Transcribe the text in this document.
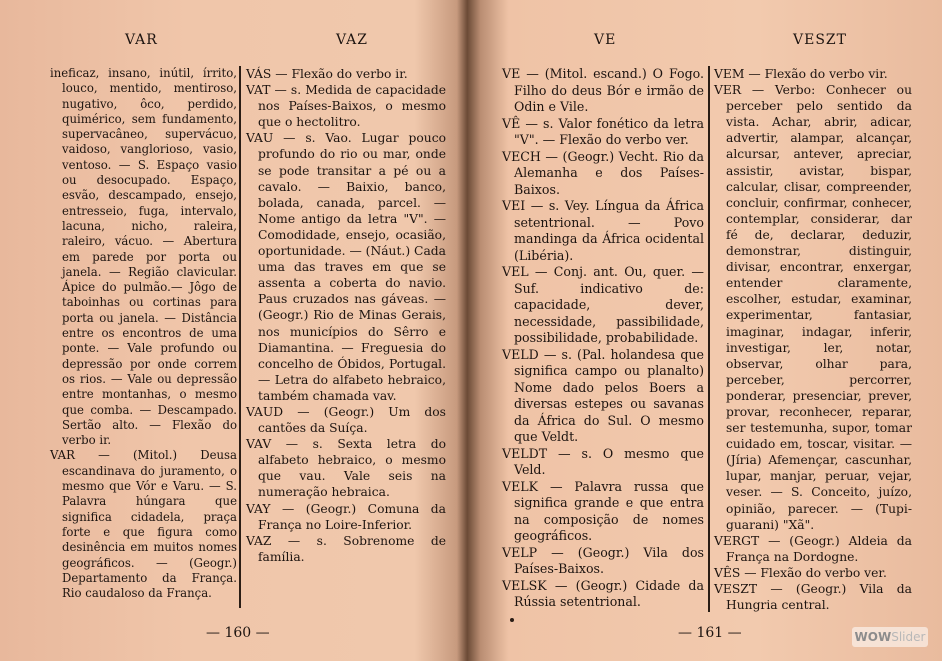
VAR	VAZ

ineficaz, insano, inútil, írrito, louco, mentido, mentiroso, nugativo, ôco, perdido, quimérico, sem fundamento, supervacâneo, supervácuo, vaidoso, vanglorioso, vasio, ventoso. — S. Espaço vasio ou desocupado. Espaço, esvão, descampado, ensejo, entresseio, fuga, intervalo, lacuna, nicho, raleira, raleiro, vácuo. — Abertura em parede por porta ou janela. — Região clavicular. Ápice do pulmão.— Jôgo de taboinhas ou cortinas para porta ou janela. — Distância entre os encontros de uma ponte. — Vale profundo ou depressão por onde correm os rios. — Vale ou depressão entre montanhas, o mesmo que comba. — Descampado. Sertão alto. — Flexão do verbo ir.

VAR — (Mitol.) Deusa escandinava do juramento, o mesmo que Vór e Varu. — S. Palavra húngara que significa cidadela, praça forte e que figura como desinência em muitos nomes geográficos. — (Geogr.) Departamento da França. Rio caudaloso da França.

VÁS — Flexão do verbo ir.

VAT — s. Medida de capacidade nos Países-Baixos, o mesmo que o hectolitro.

VAU — s. Vao. Lugar pouco profundo do rio ou mar, onde se pode transitar a pé ou a cavalo. — Baixio, banco, bolada, canada, parcel. — Nome antigo da letra "V". — Comodidade, ensejo, ocasião, oportunidade. — (Náut.) Cada uma das traves em que se assenta a coberta do navio. Paus cruzados nas gáveas. — (Geogr.) Rio de Minas Gerais, nos municípios do Sêrro e Diamantina. — Freguesia do concelho de Óbidos, Portugal. — Letra do alfabeto hebraico, também chamada vav.

VAUD — (Geogr.) Um dos cantões da Suíça.

VAV — s. Sexta letra do alfabeto hebraico, o mesmo que vau. Vale seis na numeração hebraica.

VAY — (Geogr.) Comuna da França no Loire-Inferior.

VAZ — s. Sobrenome de família.

— 160 —
VE	VESZT

VE — (Mitol. escand.) O Fogo. Filho do deus Bór e irmão de Odin e Vile.

VÊ — s. Valor fonético da letra "V". — Flexão do verbo ver.

VECH — (Geogr.) Vecht. Rio da Alemanha e dos Países-Baixos.

VEI — s. Vey. Língua da África setentrional. — Povo mandinga da África ocidental (Libéria).

VEL — Conj. ant. Ou, quer. — Suf. indicativo de: capacidade, dever, necessidade, passibilidade, possibilidade, probabilidade.

VELD — s. (Pal. holandesa que significa campo ou planalto) Nome dado pelos Boers a diversas estepes ou savanas da África do Sul. O mesmo que Veldt.

VELDT — s. O mesmo que Veld.

VELK — Palavra russa que significa grande e que entra na composição de nomes geográficos.

VELP — (Geogr.) Vila dos Países-Baixos.

VELSK — (Geogr.) Cidade da Rússia setentrional.

VEM — Flexão do verbo vir.

VER — Verbo: Conhecer ou perceber pelo sentido da vista. Achar, abrir, adicar, advertir, alampar, alcançar, alcursar, antever, apreciar, assistir, avistar, bispar, calcular, clisar, compreender, concluir, confirmar, conhecer, contemplar, considerar, dar fé de, declarar, deduzir, demonstrar, distinguir, divisar, encontrar, enxergar, entender claramente, escolher, estudar, examinar, experimentar, fantasiar, imaginar, indagar, inferir, investigar, ler, notar, observar, olhar para, perceber, percorrer, ponderar, presenciar, prever, provar, reconhecer, reparar, ser testemunha, supor, tomar cuidado em, toscar, visitar. — (Jíria) Afemençar, cascunhar, lupar, manjar, peruar, vejar, veser. — S. Conceito, juízo, opinião, parecer. — (Tupi-guarani) "Xã".

VERGT — (Geogr.) Aldeia da França na Dordogne.

VÊS — Flexão do verbo ver.

VESZT — (Geogr.) Vila da Hungria central.

— 161 —	WOWSlider
